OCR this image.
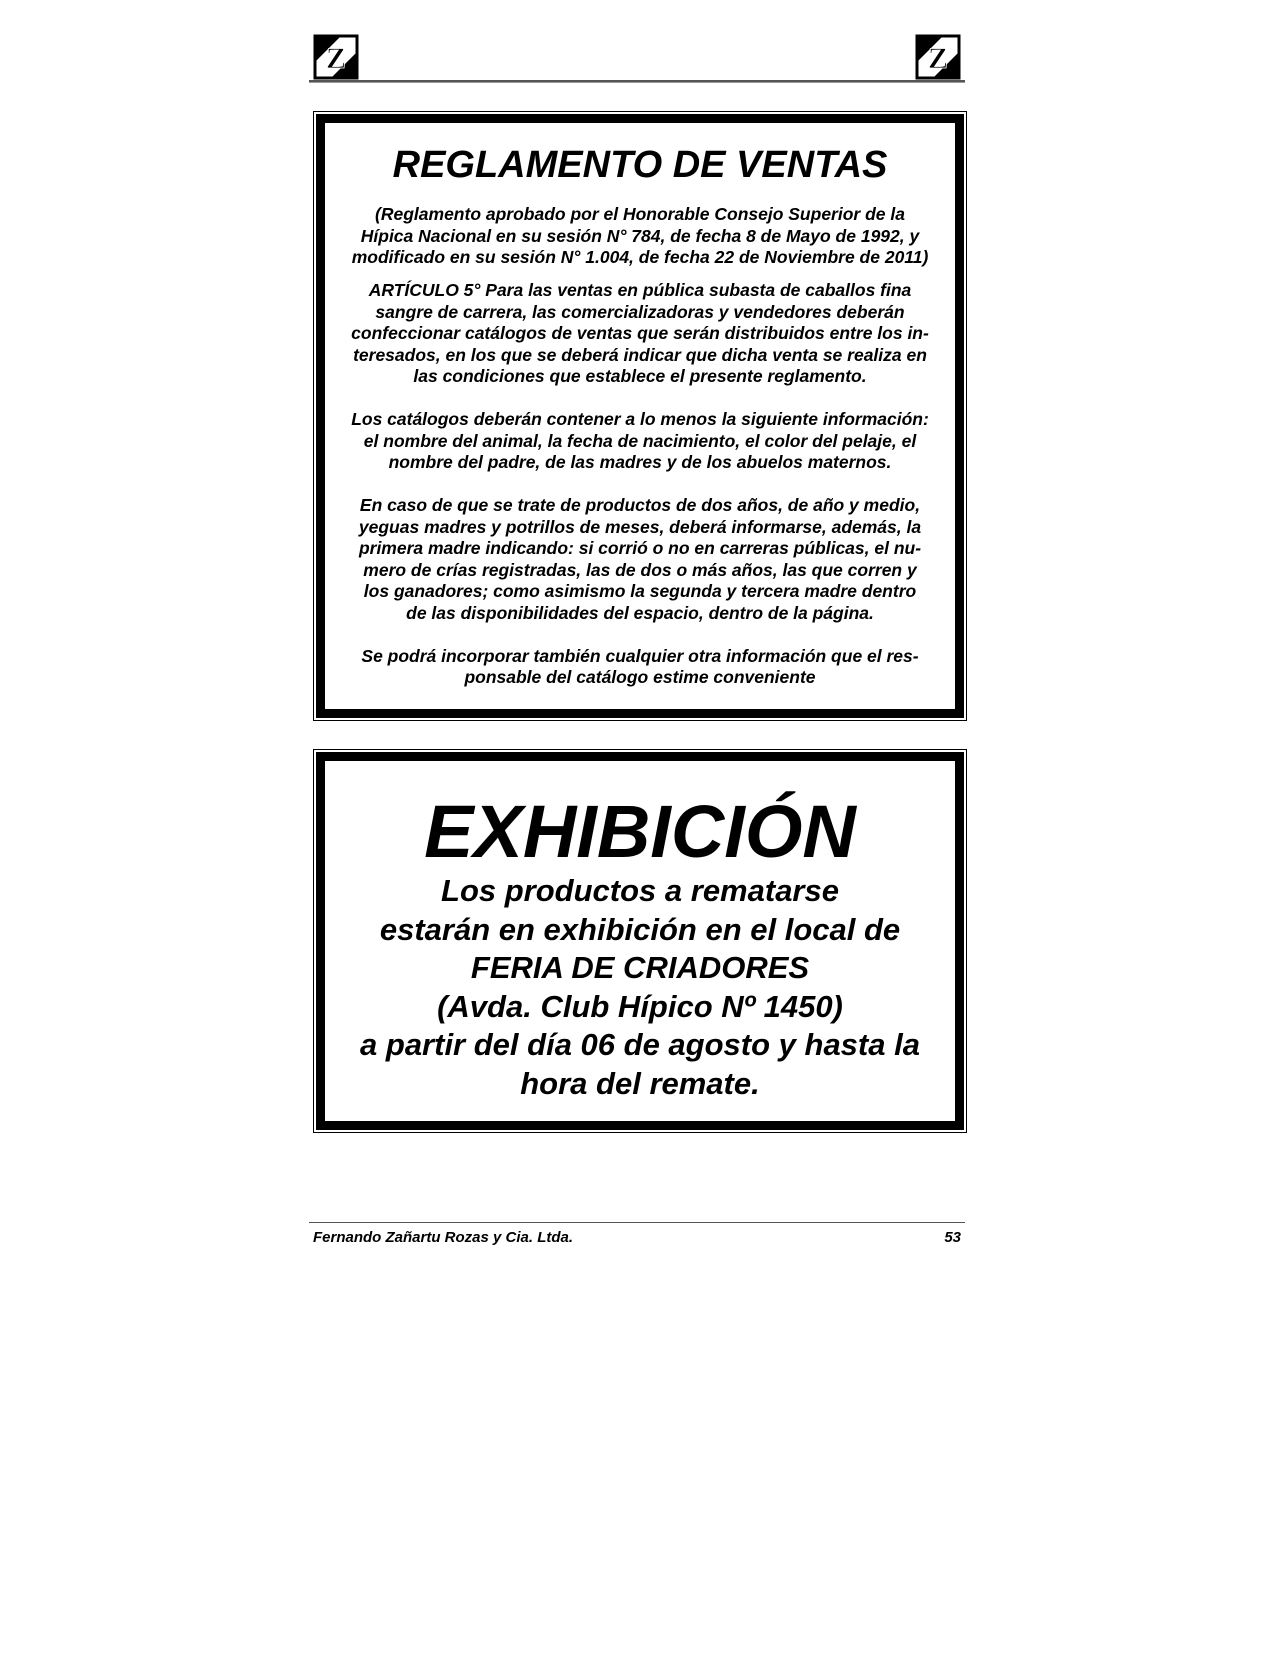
Z	Z
REGLAMENTO DE VENTAS
(Reglamento aprobado por el Honorable Consejo Superior de la
Hípica Nacional en su sesión N° 784, de fecha 8 de Mayo de 1992, y
modificado en su sesión N° 1.004, de fecha 22 de Noviembre de 2011)

ARTÍCULO 5° Para las ventas en pública subasta de caballos fina
sangre de carrera, las comercializadoras y vendedores deberán
confeccionar catálogos de ventas que serán distribuidos entre los in-
teresados, en los que se deberá indicar que dicha venta se realiza en
las condiciones que establece el presente reglamento.

Los catálogos deberán contener a lo menos la siguiente información:
el nombre del animal, la fecha de nacimiento, el color del pelaje, el
nombre del padre, de las madres y de los abuelos maternos.

En caso de que se trate de productos de dos años, de año y medio,
yeguas madres y potrillos de meses, deberá informarse, además, la
primera madre indicando: si corrió o no en carreras públicas, el nu-
mero de crías registradas, las de dos o más años, las que corren y
los ganadores; como asimismo la segunda y tercera madre dentro
de las disponibilidades del espacio, dentro de la página.

Se podrá incorporar también cualquier otra información que el res-
ponsable del catálogo estime conveniente

EXHIBICIÓN
Los productos a rematarse
estarán en exhibición en el local de
FERIA DE CRIADORES
(Avda. Club Hípico Nº 1450)
a partir del día 06 de agosto y hasta la
hora del remate.
Fernando Zañartu Rozas y Cia. Ltda.	53
